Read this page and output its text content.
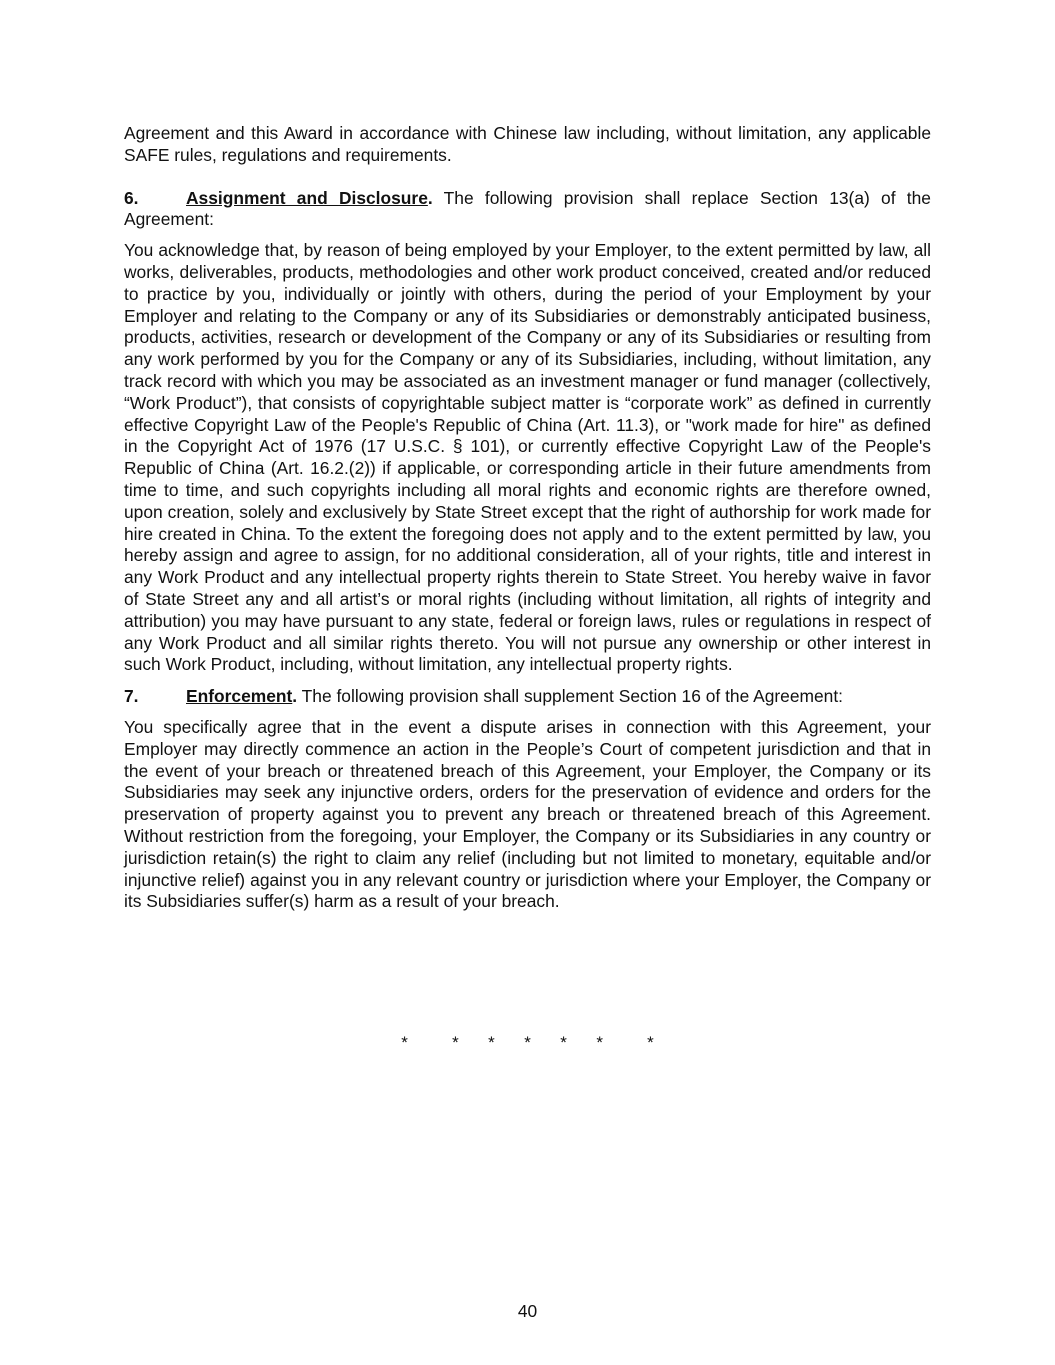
Agreement and this Award in accordance with Chinese law including, without limitation, any applicable SAFE rules, regulations and requirements.

6.	Assignment and Disclosure. The following provision shall replace Section 13(a) of the Agreement:

You acknowledge that, by reason of being employed by your Employer, to the extent permitted by law, all works, deliverables, products, methodologies and other work product conceived, created and/or reduced to practice by you, individually or jointly with others, during the period of your Employment by your Employer and relating to the Company or any of its Subsidiaries or demonstrably anticipated business, products, activities, research or development of the Company or any of its Subsidiaries or resulting from any work performed by you for the Company or any of its Subsidiaries, including, without limitation, any track record with which you may be associated as an investment manager or fund manager (collectively, “Work Product”), that consists of copyrightable subject matter is “corporate work” as defined in currently effective Copyright Law of the People's Republic of China (Art. 11.3), or "work made for hire" as defined in the Copyright Act of 1976 (17 U.S.C. § 101), or currently effective Copyright Law of the People's Republic of China (Art. 16.2.(2)) if applicable, or corresponding article in their future amendments from time to time, and such copyrights including all moral rights and economic rights are therefore owned, upon creation, solely and exclusively by State Street except that the right of authorship for work made for hire created in China. To the extent the foregoing does not apply and to the extent permitted by law, you hereby assign and agree to assign, for no additional consideration, all of your rights, title and interest in any Work Product and any intellectual property rights therein to State Street. You hereby waive in favor of State Street any and all artist’s or moral rights (including without limitation, all rights of integrity and attribution) you may have pursuant to any state, federal or foreign laws, rules or regulations in respect of any Work Product and all similar rights thereto. You will not pursue any ownership or other interest in such Work Product, including, without limitation, any intellectual property rights.

7.	Enforcement. The following provision shall supplement Section 16 of the Agreement:

You specifically agree that in the event a dispute arises in connection with this Agreement, your Employer may directly commence an action in the People’s Court of competent jurisdiction and that in the event of your breach or threatened breach of this Agreement, your Employer, the Company or its Subsidiaries may seek any injunctive orders, orders for the preservation of evidence and orders for the preservation of property against you to prevent any breach or threatened breach of this Agreement. Without restriction from the foregoing, your Employer, the Company or its Subsidiaries in any country or jurisdiction retain(s) the right to claim any relief (including but not limited to monetary, equitable and/or injunctive relief) against you in any relevant country or jurisdiction where your Employer, the Company or its Subsidiaries suffer(s) harm as a result of your breach.

*   *  *  *  *  *   *
40
